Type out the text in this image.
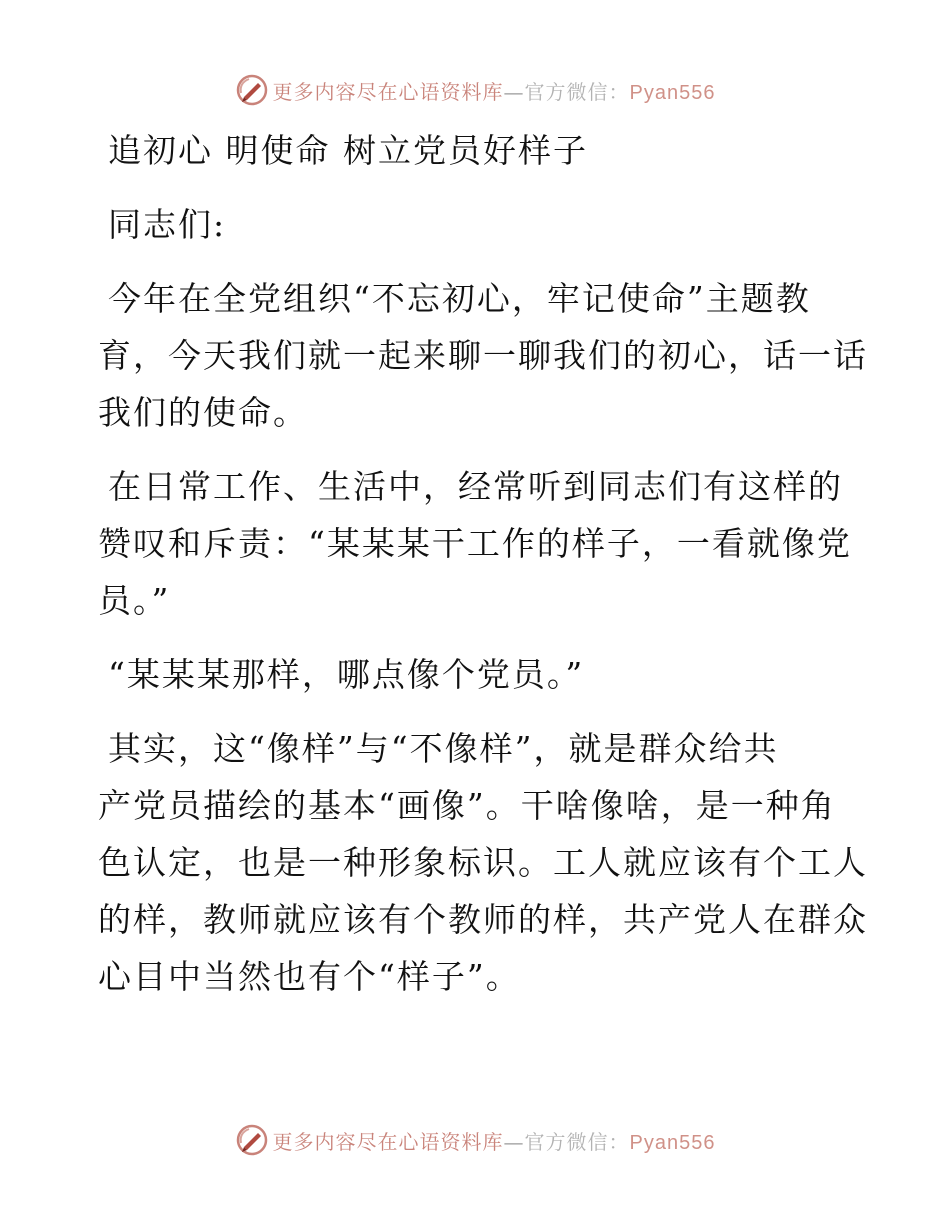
更多内容尽在心语资料库—官方微信：Pyan556
追初心 明使命 树立党员好样子
同志们:
今年在全党组织“不忘初心，牢记使命”主题教
育，今天我们就一起来聊一聊我们的初心，话一话
我们的使命。
在日常工作、生活中，经常听到同志们有这样的
赞叹和斥责：“某某某干工作的样子，一看就像党
员。”
“某某某那样，哪点像个党员。”
其实，这“像样”与“不像样”，就是群众给共
产党员描绘的基本“画像”。干啥像啥，是一种角
色认定，也是一种形象标识。工人就应该有个工人
的样，教师就应该有个教师的样，共产党人在群众
心目中当然也有个“样子”。
更多内容尽在心语资料库—官方微信：Pyan556
